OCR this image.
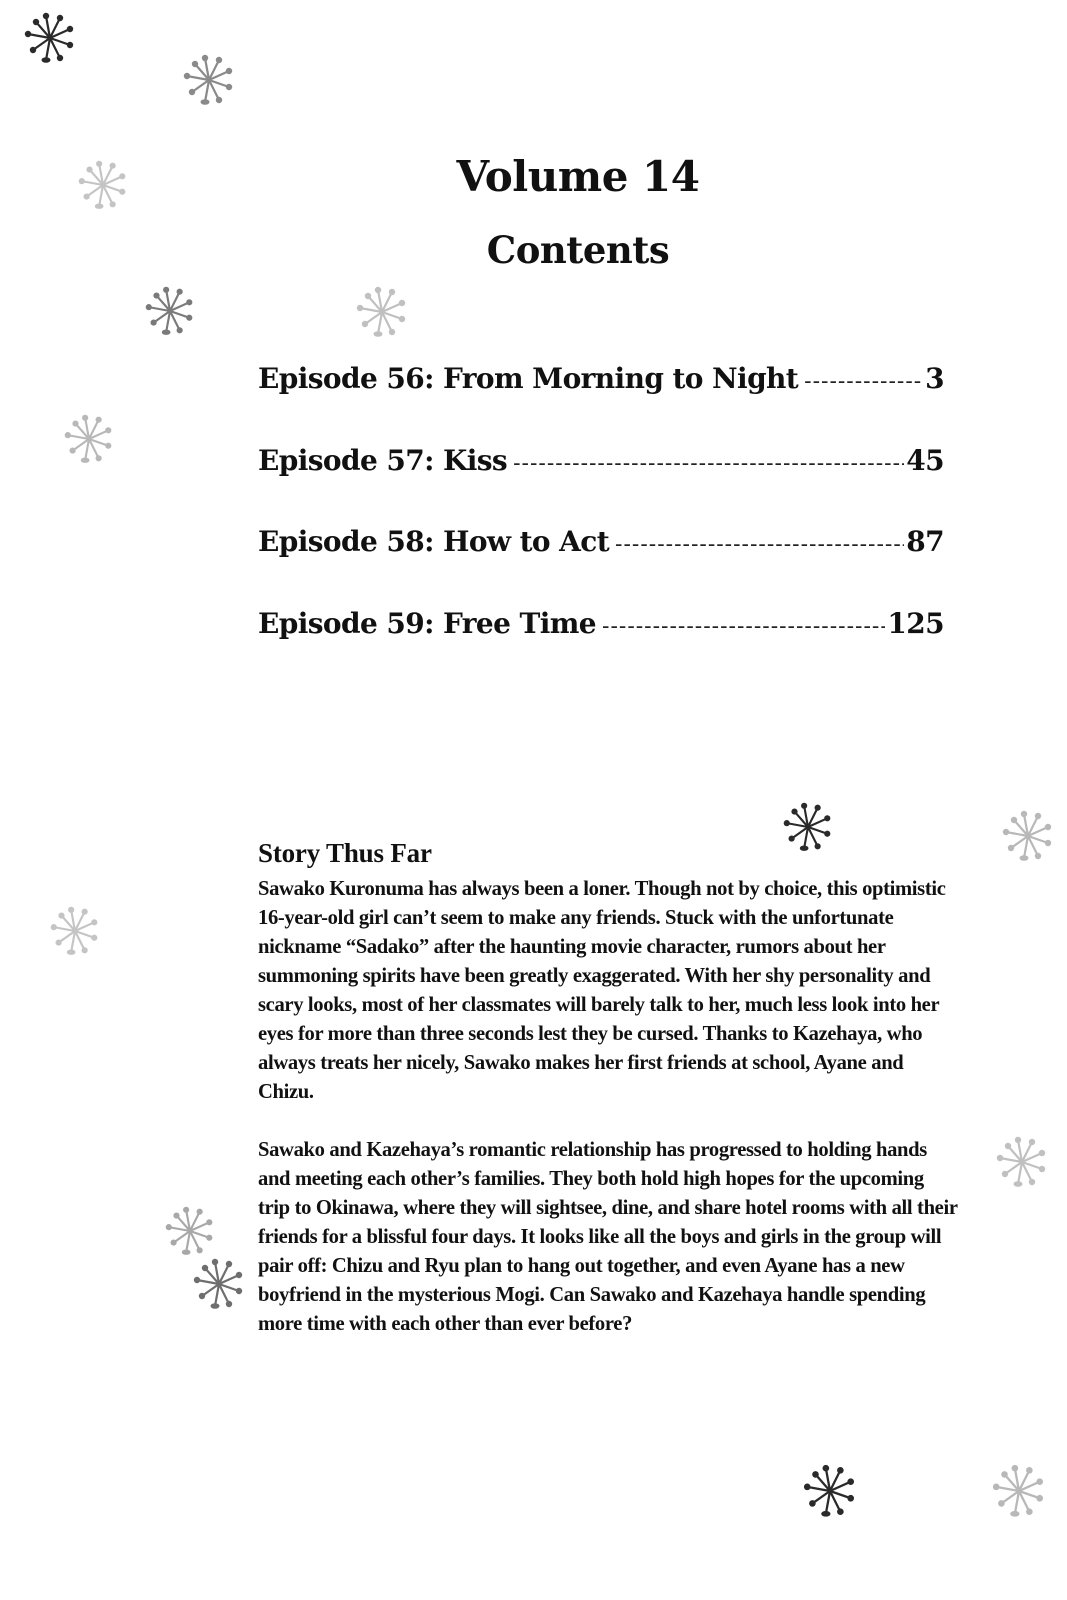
Volume 14
Contents
Episode 56: From Morning to Night -----	3
Episode 57: Kiss -----	45
Episode 58: How to Act -----	87
Episode 59: Free Time -----	125
Story Thus Far

Sawako Kuronuma has always been a loner. Though not by choice, this optimistic 16-year-old girl can’t seem to make any friends. Stuck with the unfortunate nickname “Sadako” after the haunting movie character, rumors about her summoning spirits have been greatly exaggerated. With her shy personality and scary looks, most of her classmates will barely talk to her, much less look into her eyes for more than three seconds lest they be cursed. Thanks to Kazehaya, who always treats her nicely, Sawako makes her first friends at school, Ayane and Chizu.

Sawako and Kazehaya’s romantic relationship has progressed to holding hands and meeting each other’s families. They both hold high hopes for the upcoming trip to Okinawa, where they will sightsee, dine, and share hotel rooms with all their friends for a blissful four days. It looks like all the boys and girls in the group will pair off: Chizu and Ryu plan to hang out together, and even Ayane has a new boyfriend in the mysterious Mogi. Can Sawako and Kazehaya handle spending more time with each other than ever before?
